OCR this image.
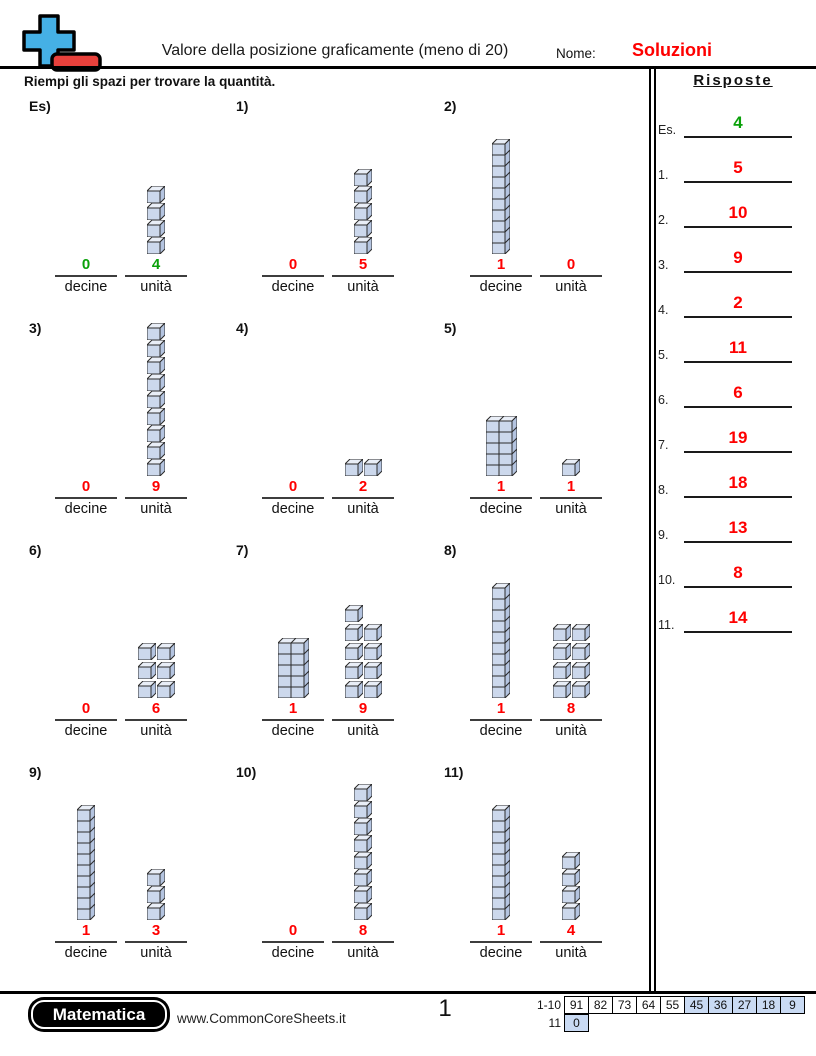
Valore della posizione graficamente (meno di 20)	Nome:	Soluzioni
Riempi gli spazi per trovare la quantità.
Es)
0
decine
4
unità
1)
0
decine
5
unità
2)
1
decine
0
unità
3)
0
decine
9
unità
4)
0
decine
2
unità
5)
1
decine
1
unità
6)
0
decine
6
unità
7)
1
decine
9
unità
8)
1
decine
8
unità
9)
1
decine
3
unità
10)
0
decine
8
unità
11)
1
decine
4
unità
Risposte
Es.	4
1.	5
2.	10
3.	9
4.	2
5.	11
6.	6
7.	19
8.	18
9.	13
10.	8
11.	14
Matematica	www.CommonCoreSheets.it	1	1-10 91 82 73 64 55 45 36 27 18	9
11	0
